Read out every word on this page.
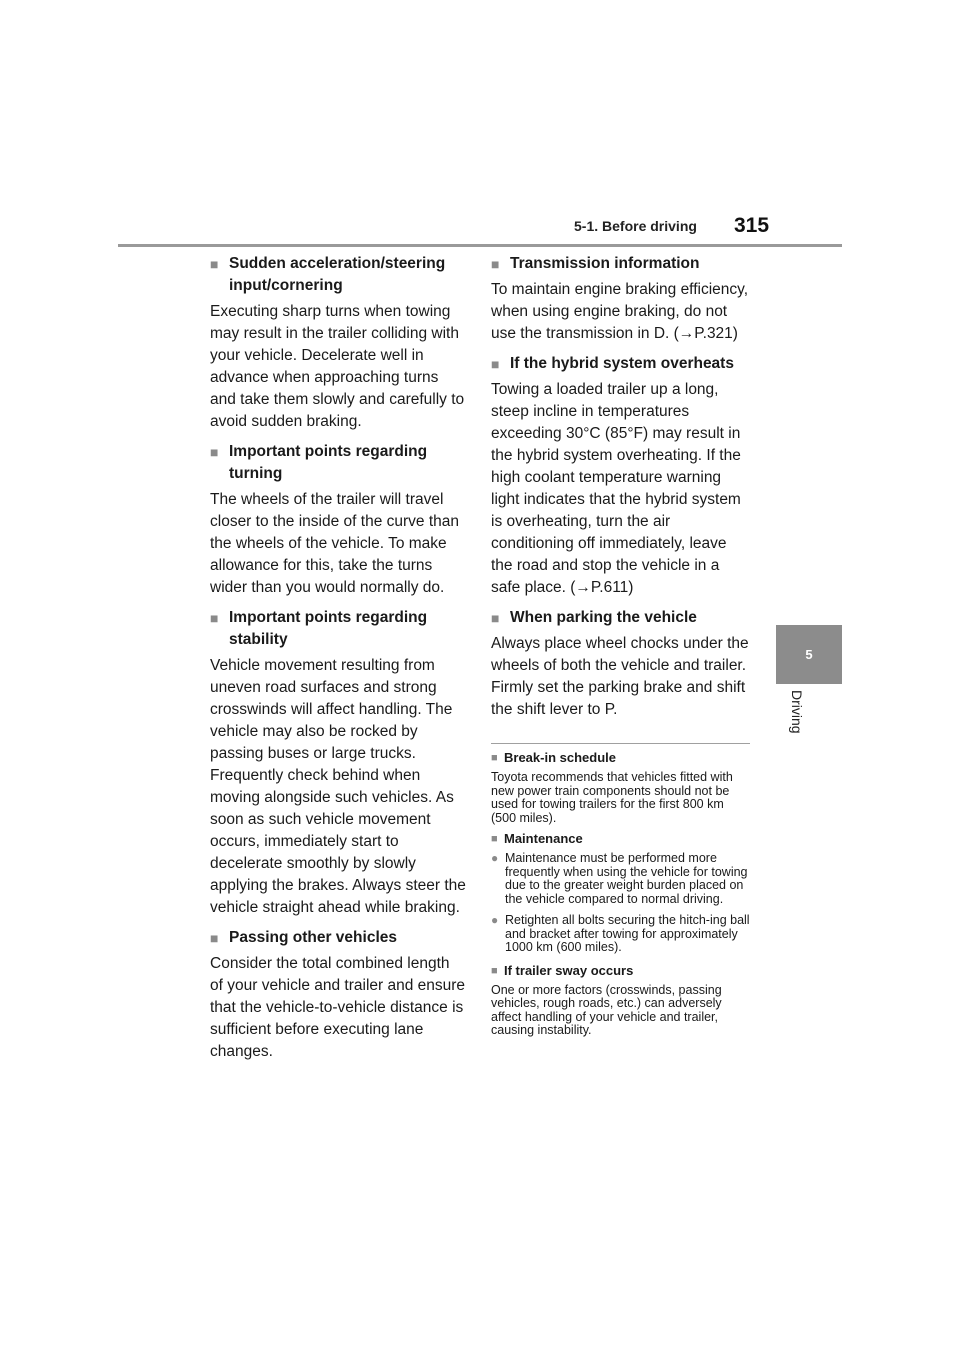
5-1. Before driving 315
5
Driving
■ Sudden acceleration/steering input/cornering

Executing sharp turns when towing may result in the trailer colliding with your vehicle. Decelerate well in advance when approaching turns and take them slowly and carefully to avoid sudden braking.

■ Important points regarding turning

The wheels of the trailer will travel closer to the inside of the curve than the wheels of the vehicle. To make allowance for this, take the turns wider than you would normally do.

■ Important points regarding stability

Vehicle movement resulting from uneven road surfaces and strong crosswinds will affect handling. The vehicle may also be rocked by passing buses or large trucks. Frequently check behind when moving alongside such vehicles. As soon as such vehicle movement occurs, immediately start to decelerate smoothly by slowly applying the brakes. Always steer the vehicle straight ahead while braking.

■ Passing other vehicles

Consider the total combined length of your vehicle and trailer and ensure that the vehicle-to-vehicle distance is sufficient before executing lane changes.

■ Transmission information

To maintain engine braking efficiency, when using engine braking, do not use the transmission in D. (→P.321)

■ If the hybrid system overheats

Towing a loaded trailer up a long, steep incline in temperatures exceeding 30°C (85°F) may result in the hybrid system overheating. If the high coolant temperature warning light indicates that the hybrid system is overheating, turn the air conditioning off immediately, leave the road and stop the vehicle in a safe place. (→P.611)

■ When parking the vehicle

Always place wheel chocks under the wheels of both the vehicle and trailer. Firmly set the parking brake and shift the shift lever to P.

■ Break-in schedule

Toyota recommends that vehicles fitted with new power train components should not be used for towing trailers for the first 800 km (500 miles).

■ Maintenance
● Maintenance must be performed more frequently when using the vehicle for towing due to the greater weight burden placed on the vehicle compared to normal driving.
● Retighten all bolts securing the hitch-ing ball and bracket after towing for approximately 1000 km (600 miles).
■ If trailer sway occurs

One or more factors (crosswinds, passing vehicles, rough roads, etc.) can adversely affect handling of your vehicle and trailer, causing instability.
